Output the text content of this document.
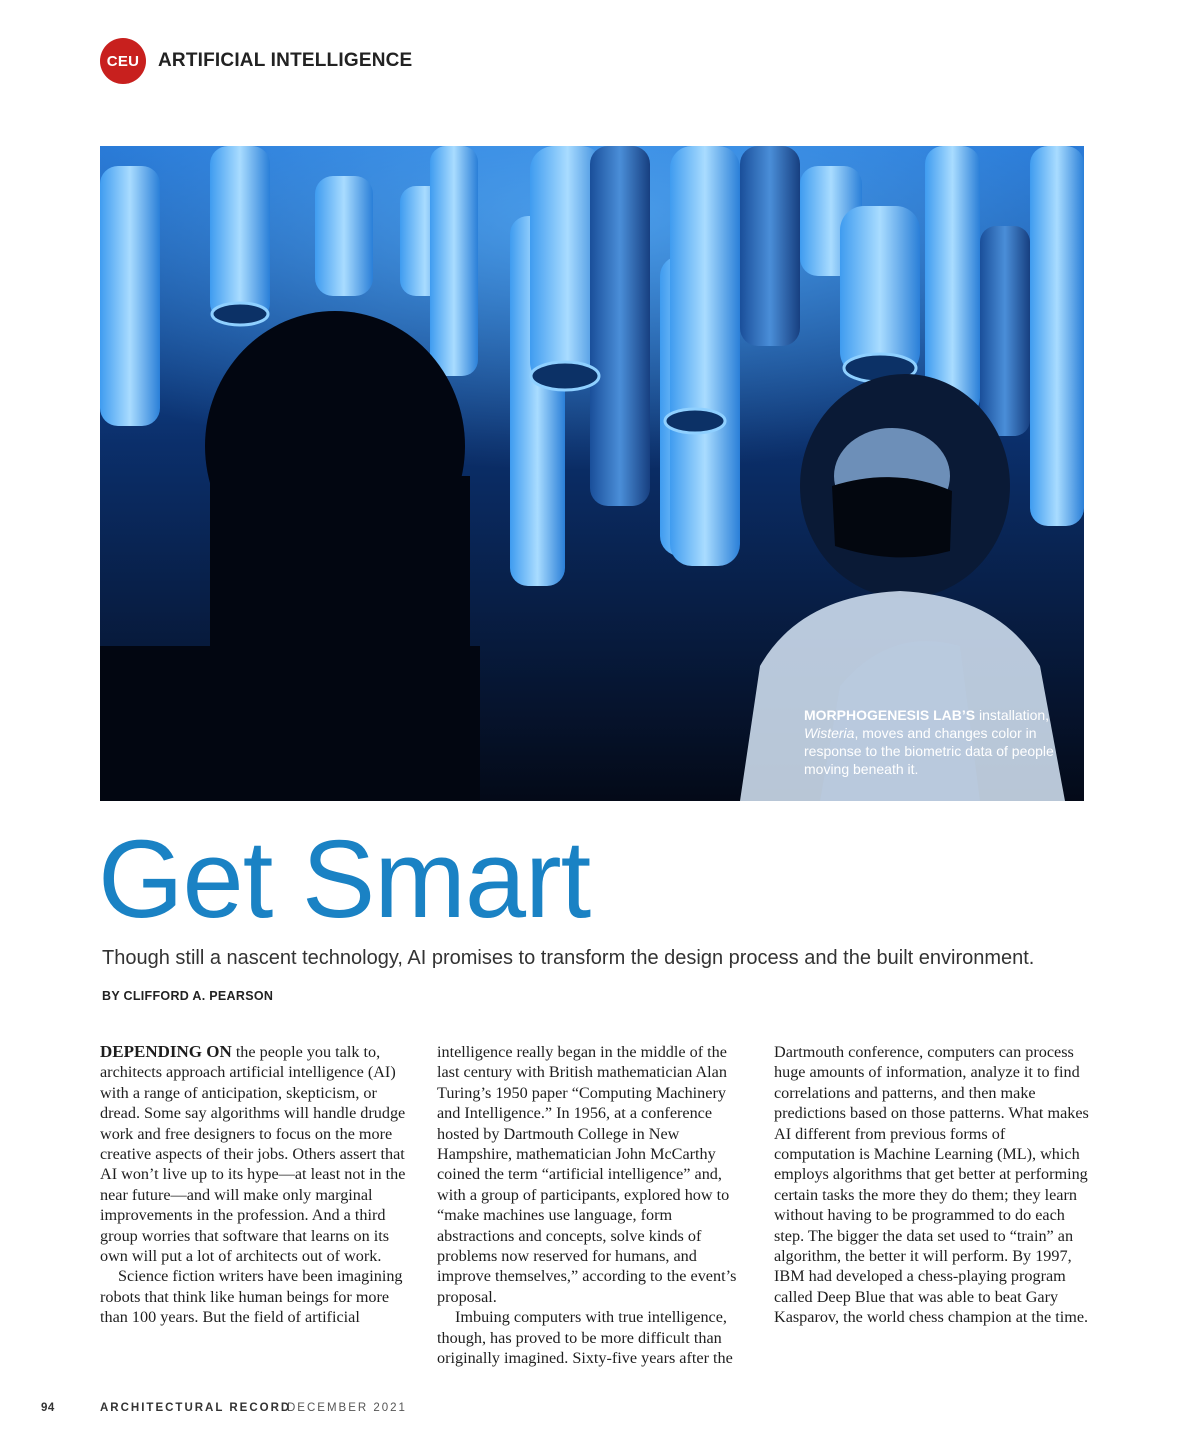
CEU ARTIFICIAL INTELLIGENCE
MORPHOGENESIS LAB’S installation, Wisteria, moves and changes color in response to the biometric data of people moving beneath it.
Get Smart
Though still a nascent technology, AI promises to transform the design process and the built environment.
BY CLIFFORD A. PEARSON

DEPENDING ON the people you talk to, architects approach artificial intelligence (AI) with a range of anticipation, skepticism, or dread. Some say algorithms will handle drudge work and free designers to focus on the more creative aspects of their jobs. Others assert that AI won’t live up to its hype—at least not in the near future—and will make only marginal improvements in the profession. And a third group worries that software that learns on its own will put a lot of architects out of work.

Science fiction writers have been imagining robots that think like human beings for more than 100 years. But the field of artificial

intelligence really began in the middle of the last century with British mathematician Alan Turing’s 1950 paper “Computing Machinery and Intelligence.” In 1956, at a conference hosted by Dartmouth College in New Hampshire, mathematician John McCarthy coined the term “artificial intelligence” and, with a group of participants, explored how to “make machines use language, form abstractions and concepts, solve kinds of problems now reserved for humans, and improve themselves,” according to the event’s proposal.

Imbuing computers with true intelligence, though, has proved to be more difficult than originally imagined. Sixty-five years after the

Dartmouth conference, computers can process huge amounts of information, analyze it to find correlations and patterns, and then make predictions based on those patterns. What makes AI different from previous forms of computation is Machine Learning (ML), which employs algorithms that get better at performing certain tasks the more they do them; they learn without having to be programmed to do each step. The bigger the data set used to “train” an algorithm, the better it will perform. By 1997, IBM had developed a chess-playing program called Deep Blue that was able to beat Gary Kasparov, the world chess champion at the time.

94	ARCHITECTURAL RECORD
DECEMBER 2021
